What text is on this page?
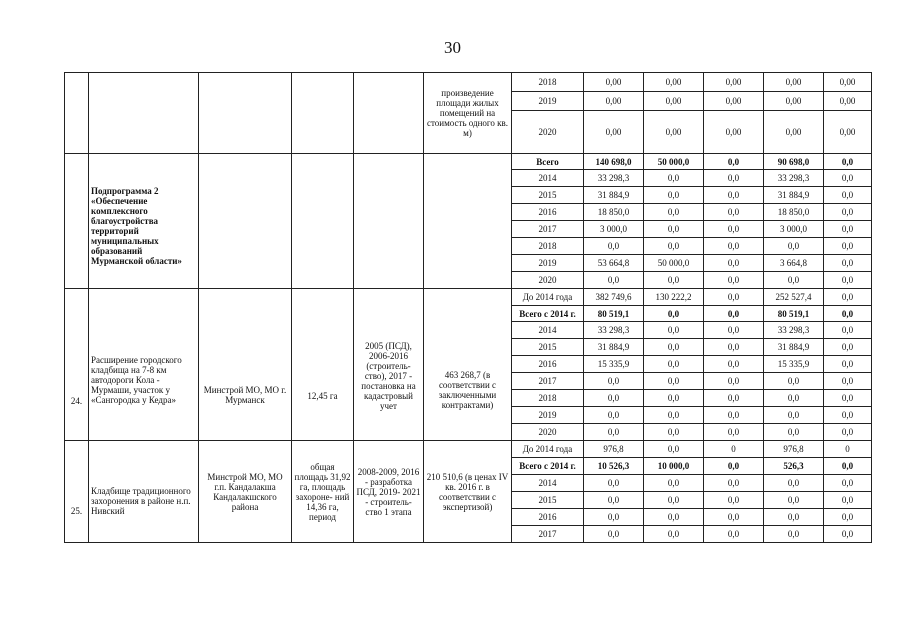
30
					произведение площади жилых помещений на стоимость одного кв. м)	2018	0,00	0,00	0,00	0,00	0,00
						2019	0,00	0,00	0,00	0,00	0,00
						2020	0,00	0,00	0,00	0,00	0,00
	Подпрограмма 2 «Обеспечение комплексного благоустройства территорий муниципальных образований Мурманской области»					Всего	140 698,0	50 000,0	0,0	90 698,0	0,0
						2014	33 298,3	0,0	0,0	33 298,3	0,0
						2015	31 884,9	0,0	0,0	31 884,9	0,0
						2016	18 850,0	0,0	0,0	18 850,0	0,0
						2017	3 000,0	0,0	0,0	3 000,0	0,0
						2018	0,0	0,0	0,0	0,0	0,0
						2019	53 664,8	50 000,0	0,0	3 664,8	0,0
						2020	0,0	0,0	0,0	0,0	0,0
24.	Расширение городского кладбища на 7-8 км автодороги Кола - Мурмаши, участок у «Сангородка у Кедра»	Минстрой МО, МО г. Мурманск	12,45 га	2005 (ПСД), 2006-2016 (строитель- ство), 2017 - постановка на кадастровый учет	463 268,7 (в соответствии с заключенными контрактами)	До 2014 года	382 749,6	130 222,2	0,0	252 527,4	0,0
						Всего с 2014 г.	80 519,1	0,0	0,0	80 519,1	0,0
						2014	33 298,3	0,0	0,0	33 298,3	0,0
						2015	31 884,9	0,0	0,0	31 884,9	0,0
						2016	15 335,9	0,0	0,0	15 335,9	0,0
						2017	0,0	0,0	0,0	0,0	0,0
						2018	0,0	0,0	0,0	0,0	0,0
						2019	0,0	0,0	0,0	0,0	0,0
						2020	0,0	0,0	0,0	0,0	0,0
25.	Кладбище традиционного захоронения в районе н.п. Нивский	Минстрой МО, МО г.п. Кандалакша Кандалакшского района	общая площадь 31,92 га, площадь захороне- ний 14,36 га, период	2008-2009, 2016 - разработка ПСД, 2019- 2021 - строитель- ство 1 этапа	210 510,6 (в ценах IV кв. 2016 г. в соответствии с экспертизой)	До 2014 года	976,8	0,0	0	976,8	0
						Всего с 2014 г.	10 526,3	10 000,0	0,0	526,3	0,0
						2014	0,0	0,0	0,0	0,0	0,0
						2015	0,0	0,0	0,0	0,0	0,0
						2016	0,0	0,0	0,0	0,0	0,0
						2017	0,0	0,0	0,0	0,0	0,0
